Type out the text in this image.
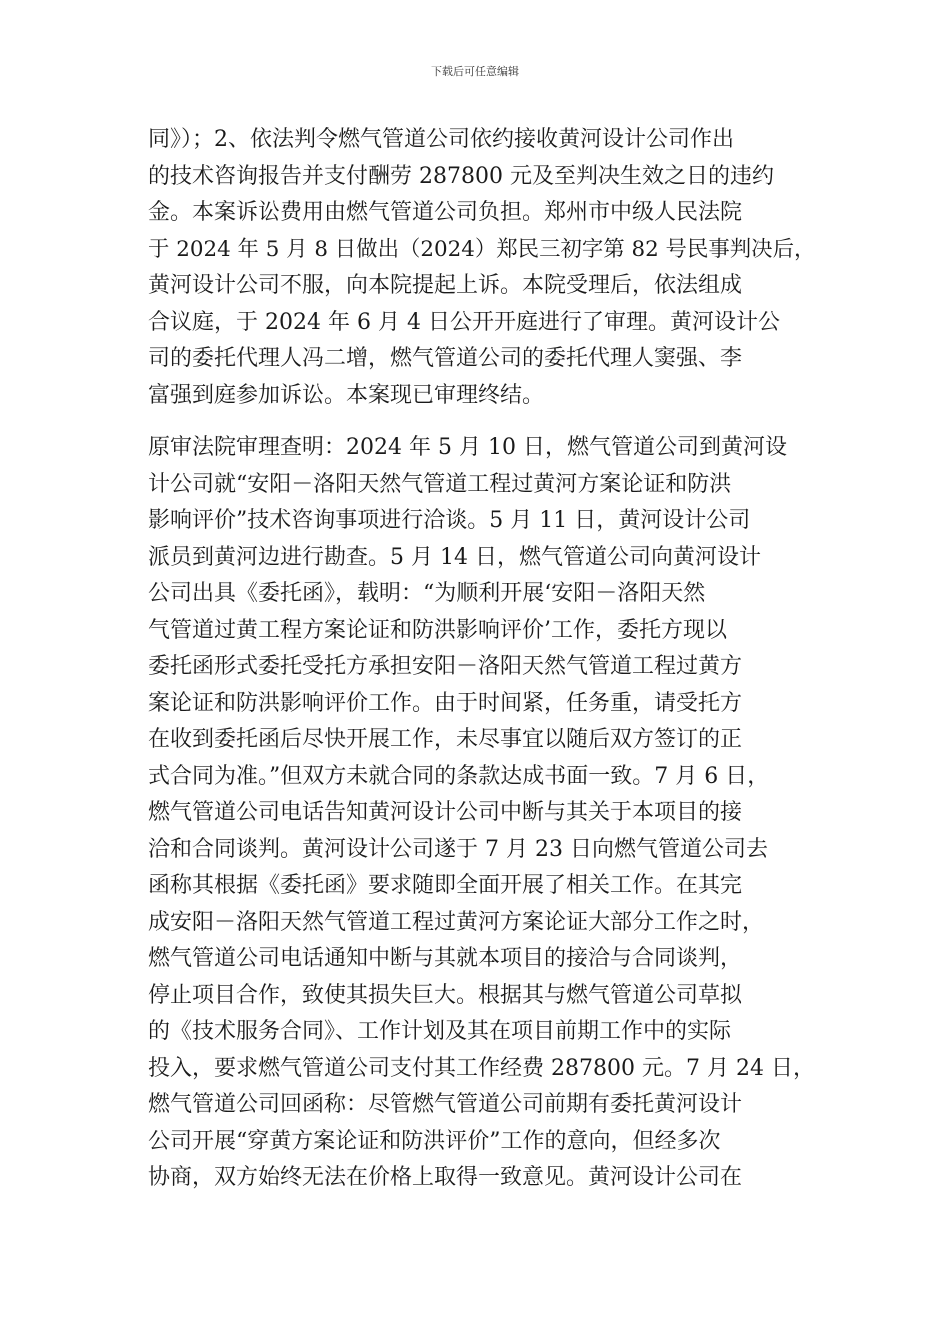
下载后可任意编辑
同》）；2、依法判令燃气管道公司依约接收黄河设计公司作出
的技术咨询报告并支付酬劳 287800 元及至判决生效之日的违约
金。本案诉讼费用由燃气管道公司负担。郑州市中级人民法院
于 2024 年 5 月 8 日做出（2024）郑民三初字第 82 号民事判决后，
黄河设计公司不服，向本院提起上诉。本院受理后，依法组成
合议庭，于 2024 年 6 月 4 日公开开庭进行了审理。黄河设计公
司的委托代理人冯二增，燃气管道公司的委托代理人窦强、李
富强到庭参加诉讼。本案现已审理终结。
原审法院审理查明：2024 年 5 月 10 日，燃气管道公司到黄河设
计公司就“安阳－洛阳天然气管道工程过黄河方案论证和防洪
影响评价”技术咨询事项进行洽谈。5 月 11 日，黄河设计公司
派员到黄河边进行勘查。5 月 14 日，燃气管道公司向黄河设计
公司出具《委托函》，载明：“为顺利开展‘安阳－洛阳天然
气管道过黄工程方案论证和防洪影响评价’工作，委托方现以
委托函形式委托受托方承担安阳－洛阳天然气管道工程过黄方
案论证和防洪影响评价工作。由于时间紧，任务重，请受托方
在收到委托函后尽快开展工作，未尽事宜以随后双方签订的正
式合同为准。”但双方未就合同的条款达成书面一致。7 月 6 日，
燃气管道公司电话告知黄河设计公司中断与其关于本项目的接
洽和合同谈判。黄河设计公司遂于 7 月 23 日向燃气管道公司去
函称其根据《委托函》要求随即全面开展了相关工作。在其完
成安阳－洛阳天然气管道工程过黄河方案论证大部分工作之时，
燃气管道公司电话通知中断与其就本项目的接洽与合同谈判，
停止项目合作，致使其损失巨大。根据其与燃气管道公司草拟
的《技术服务合同》、工作计划及其在项目前期工作中的实际
投入，要求燃气管道公司支付其工作经费 287800 元。7 月 24 日，
燃气管道公司回函称：尽管燃气管道公司前期有委托黄河设计
公司开展“穿黄方案论证和防洪评价”工作的意向，但经多次
协商，双方始终无法在价格上取得一致意见。黄河设计公司在
